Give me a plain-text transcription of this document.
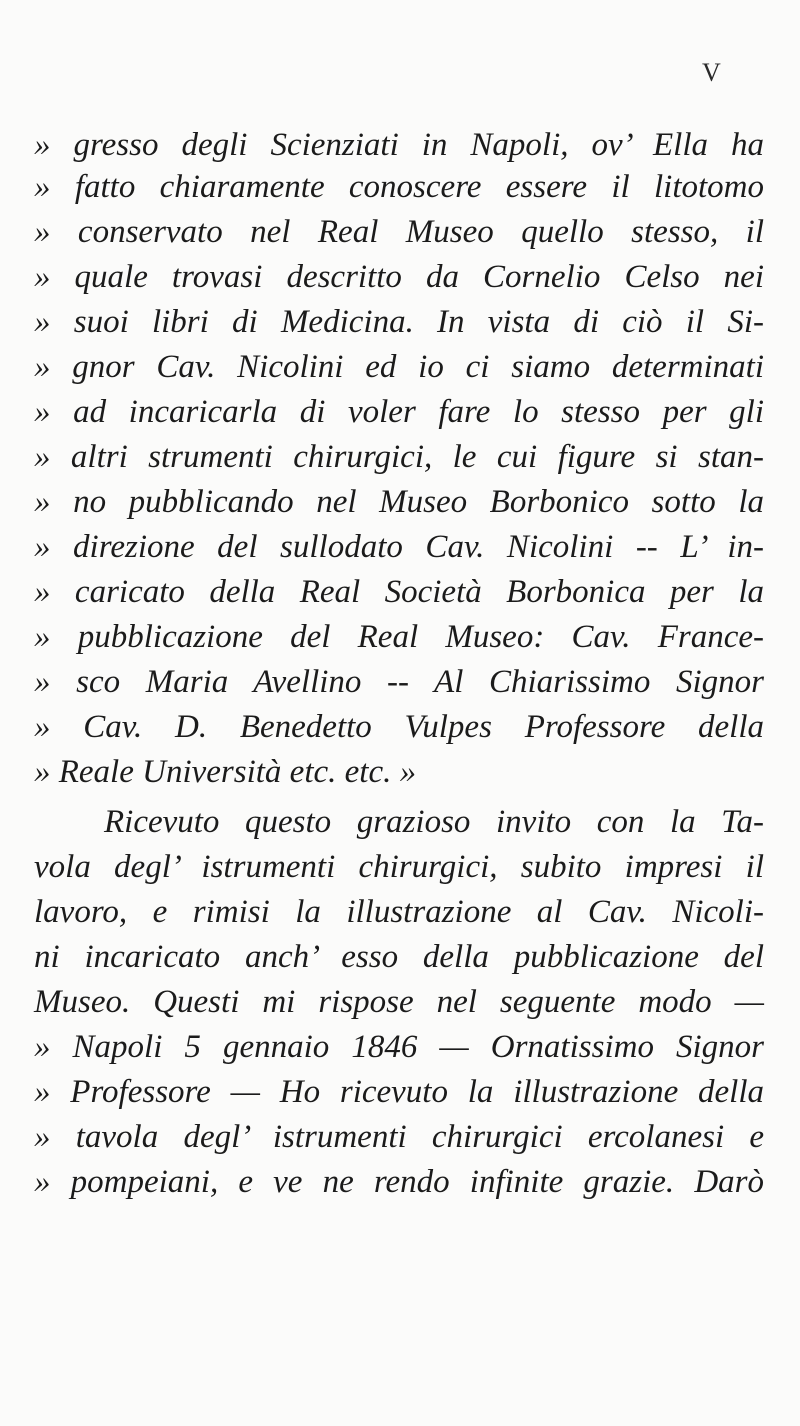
V
» gresso degli Scienziati in Napoli, ov’ Ella ha
» fatto chiaramente conoscere essere il litotomo
» conservato nel Real Museo quello stesso, il
» quale trovasi descritto da Cornelio Celso nei
» suoi libri di Medicina. In vista di ciò il Si-
» gnor Cav. Nicolini ed io ci siamo determinati
» ad incaricarla di voler fare lo stesso per gli
» altri strumenti chirurgici, le cui figure si stan-
» no pubblicando nel Museo Borbonico sotto la
» direzione del sullodato Cav. Nicolini -- L’ in-
» caricato della Real Società Borbonica per la
» pubblicazione del Real Museo: Cav. France-
» sco Maria Avellino -- Al Chiarissimo Signor
» Cav. D. Benedetto Vulpes Professore della
» Reale Università etc. etc. »
Ricevuto questo grazioso invito con la Ta-
vola degl’ istrumenti chirurgici, subito impresi il
lavoro, e rimisi la illustrazione al Cav. Nicoli-
ni incaricato anch’ esso della pubblicazione del
Museo. Questi mi rispose nel seguente modo —
» Napoli 5 gennaio 1846 — Ornatissimo Signor
» Professore — Ho ricevuto la illustrazione della
» tavola degl’ istrumenti chirurgici ercolanesi e
» pompeiani, e ve ne rendo infinite grazie. Darò
